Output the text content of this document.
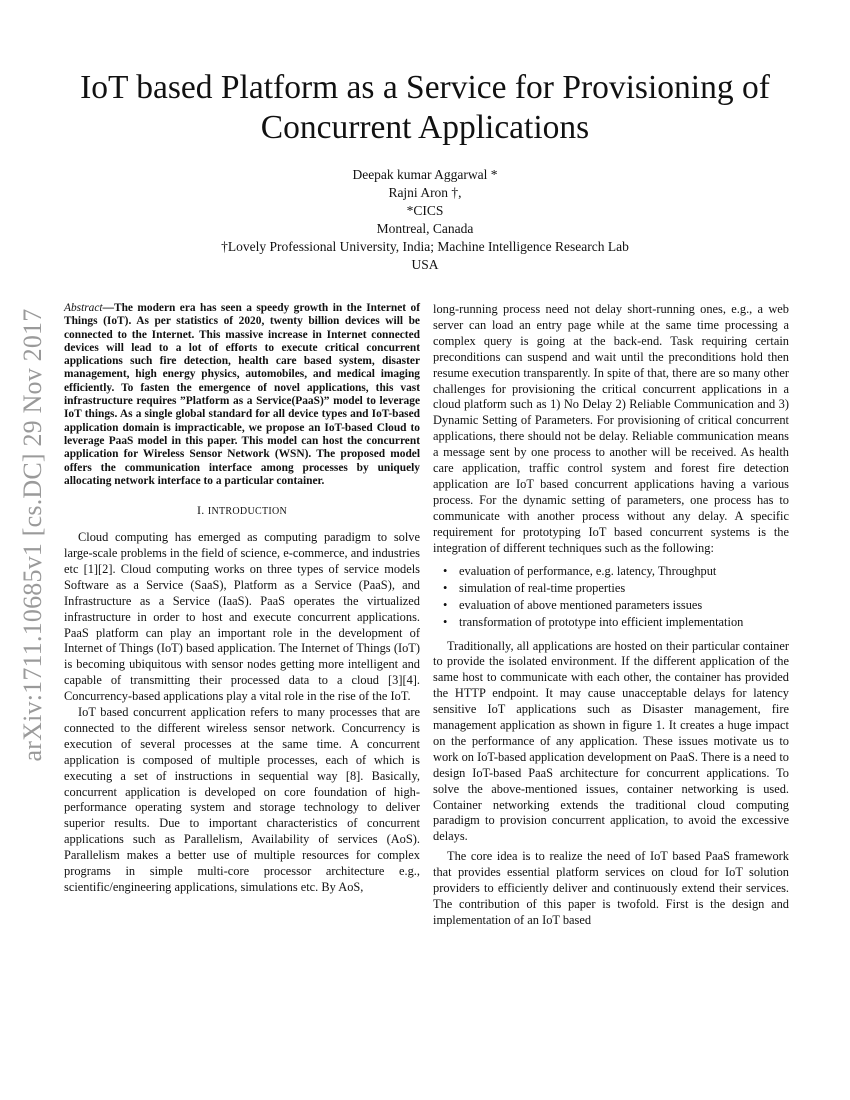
arXiv:1711.10685v1 [cs.DC] 29 Nov 2017
IoT based Platform as a Service for Provisioning of Concurrent Applications
Deepak kumar Aggarwal *
Rajni Aron †,
*CICS
Montreal, Canada
†Lovely Professional University, India; Machine Intelligence Research Lab
USA

Abstract—The modern era has seen a speedy growth in the Internet of Things (IoT). As per statistics of 2020, twenty billion devices will be connected to the Internet. This massive increase in Internet connected devices will lead to a lot of efforts to execute critical concurrent applications such fire detection, health care based system, disaster management, high energy physics, automobiles, and medical imaging efficiently. To fasten the emergence of novel applications, this vast infrastructure requires ”Platform as a Service(PaaS)” model to leverage IoT things. As a single global standard for all device types and IoT-based application domain is impracticable, we propose an IoT-based Cloud to leverage PaaS model in this paper. This model can host the concurrent application for Wireless Sensor Network (WSN). The proposed model offers the communication interface among processes by uniquely allocating network interface to a particular container.

I. INTRODUCTION

Cloud computing has emerged as computing paradigm to solve large-scale problems in the field of science, e-commerce, and industries etc [1][2]. Cloud computing works on three types of service models Software as a Service (SaaS), Platform as a Service (PaaS), and Infrastructure as a Service (IaaS). PaaS operates the virtualized infrastructure in order to host and execute concurrent applications. PaaS platform can play an important role in the development of Internet of Things (IoT) based application. The Internet of Things (IoT) is becoming ubiquitous with sensor nodes getting more intelligent and capable of transmitting their processed data to a cloud [3][4]. Concurrency-based applications play a vital role in the rise of the IoT.

IoT based concurrent application refers to many processes that are connected to the different wireless sensor network. Concurrency is execution of several processes at the same time. A concurrent application is composed of multiple processes, each of which is executing a set of instructions in sequential way [8]. Basically, concurrent application is developed on core foundation of high-performance operating system and storage technology to deliver superior results. Due to important characteristics of concurrent applications such as Parallelism, Availability of services (AoS). Parallelism makes a better use of multiple resources for complex programs in simple multi-core processor architecture e.g., scientific/engineering applications, simulations etc. By AoS,

long-running process need not delay short-running ones, e.g., a web server can load an entry page while at the same time processing a complex query is going at the back-end. Task requiring certain preconditions can suspend and wait until the preconditions hold then resume execution transparently. In spite of that, there are so many other challenges for provisioning the critical concurrent applications in a cloud platform such as 1) No Delay 2) Reliable Communication and 3) Dynamic Setting of Parameters. For provisioning of critical concurrent applications, there should not be delay. Reliable communication means a message sent by one process to another will be received. As health care application, traffic control system and forest fire detection application are IoT based concurrent applications having a various process. For the dynamic setting of parameters, one process has to communicate with another process without any delay. A specific requirement for prototyping IoT based concurrent systems is the integration of different techniques such as the following:

• evaluation of performance, e.g. latency, Throughput
• simulation of real-time properties
• evaluation of above mentioned parameters issues
• transformation of prototype into efficient implementation

Traditionally, all applications are hosted on their particular container to provide the isolated environment. If the different application of the same host to communicate with each other, the container has provided the HTTP endpoint. It may cause unacceptable delays for latency sensitive IoT applications such as Disaster management, fire management application as shown in figure 1. It creates a huge impact on the performance of any application. These issues motivate us to work on IoT-based application development on PaaS. There is a need to design IoT-based PaaS architecture for concurrent applications. To solve the above-mentioned issues, container networking is used. Container networking extends the traditional cloud computing paradigm to provision concurrent application, to avoid the excessive delays.

The core idea is to realize the need of IoT based PaaS framework that provides essential platform services on cloud for IoT solution providers to efficiently deliver and continuously extend their services. The contribution of this paper is twofold. First is the design and implementation of an IoT based
